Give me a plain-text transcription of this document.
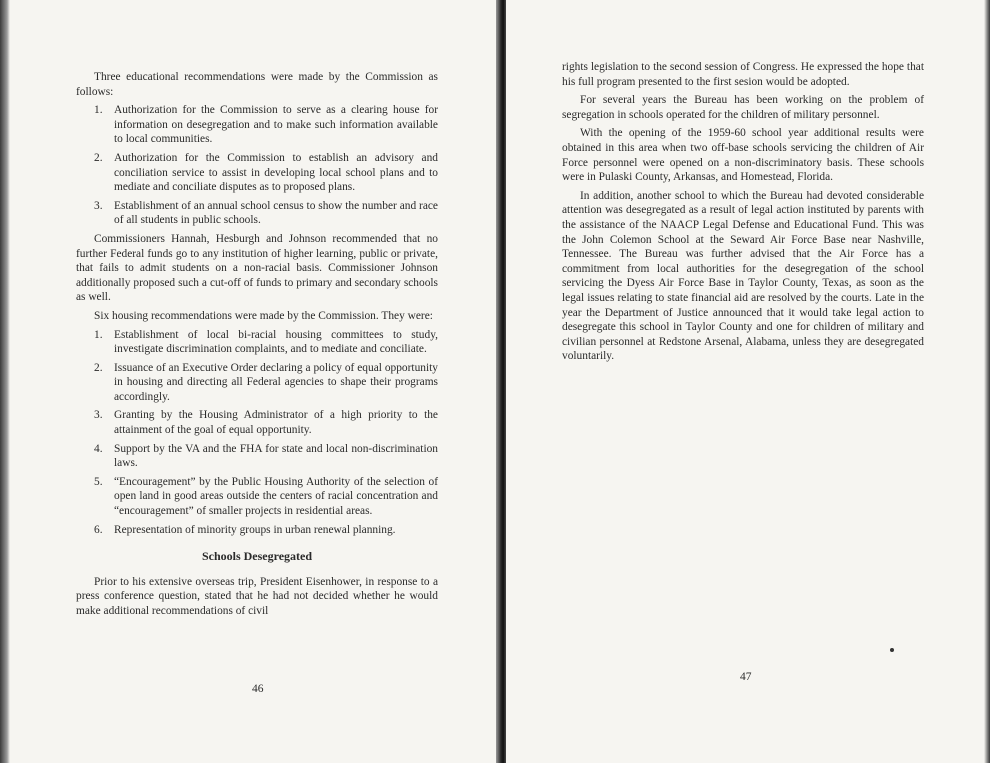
Three educational recommendations were made by the Commission as follows:

1. Authorization for the Commission to serve as a clearing house for information on desegregation and to make such information available to local communities.
2. Authorization for the Commission to establish an advisory and conciliation service to assist in developing local school plans and to mediate and conciliate disputes as to proposed plans.
3. Establishment of an annual school census to show the number and race of all students in public schools.

Commissioners Hannah, Hesburgh and Johnson recommended that no further Federal funds go to any institution of higher learning, public or private, that fails to admit students on a non-racial basis. Commissioner Johnson additionally proposed such a cut-off of funds to primary and secondary schools as well.

Six housing recommendations were made by the Commission. They were:

1. Establishment of local bi-racial housing committees to study, investigate discrimination complaints, and to mediate and conciliate.
2. Issuance of an Executive Order declaring a policy of equal opportunity in housing and directing all Federal agencies to shape their programs accordingly.
3. Granting by the Housing Administrator of a high priority to the attainment of the goal of equal opportunity.
4. Support by the VA and the FHA for state and local non-discrimination laws.
5. “Encouragement” by the Public Housing Authority of the selection of open land in good areas outside the centers of racial concentration and “encouragement” of smaller projects in residential areas.
6. Representation of minority groups in urban renewal planning.
Schools Desegregated

Prior to his extensive overseas trip, President Eisenhower, in response to a press conference question, stated that he had not decided whether he would make additional recommendations of civil

46

rights legislation to the second session of Congress. He expressed the hope that his full program presented to the first sesion would be adopted.

For several years the Bureau has been working on the problem of segregation in schools operated for the children of military personnel.

With the opening of the 1959-60 school year additional results were obtained in this area when two off-base schools servicing the children of Air Force personnel were opened on a non-discriminatory basis. These schools were in Pulaski County, Arkansas, and Homestead, Florida.

In addition, another school to which the Bureau had devoted considerable attention was desegregated as a result of legal action instituted by parents with the assistance of the NAACP Legal Defense and Educational Fund. This was the John Colemon School at the Seward Air Force Base near Nashville, Tennessee. The Bureau was further advised that the Air Force has a commitment from local authorities for the desegregation of the school servicing the Dyess Air Force Base in Taylor County, Texas, as soon as the legal issues relating to state financial aid are resolved by the courts. Late in the year the Department of Justice announced that it would take legal action to desegregate this school in Taylor County and one for children of military and civilian personnel at Redstone Arsenal, Alabama, unless they are desegregated voluntarily.

47
